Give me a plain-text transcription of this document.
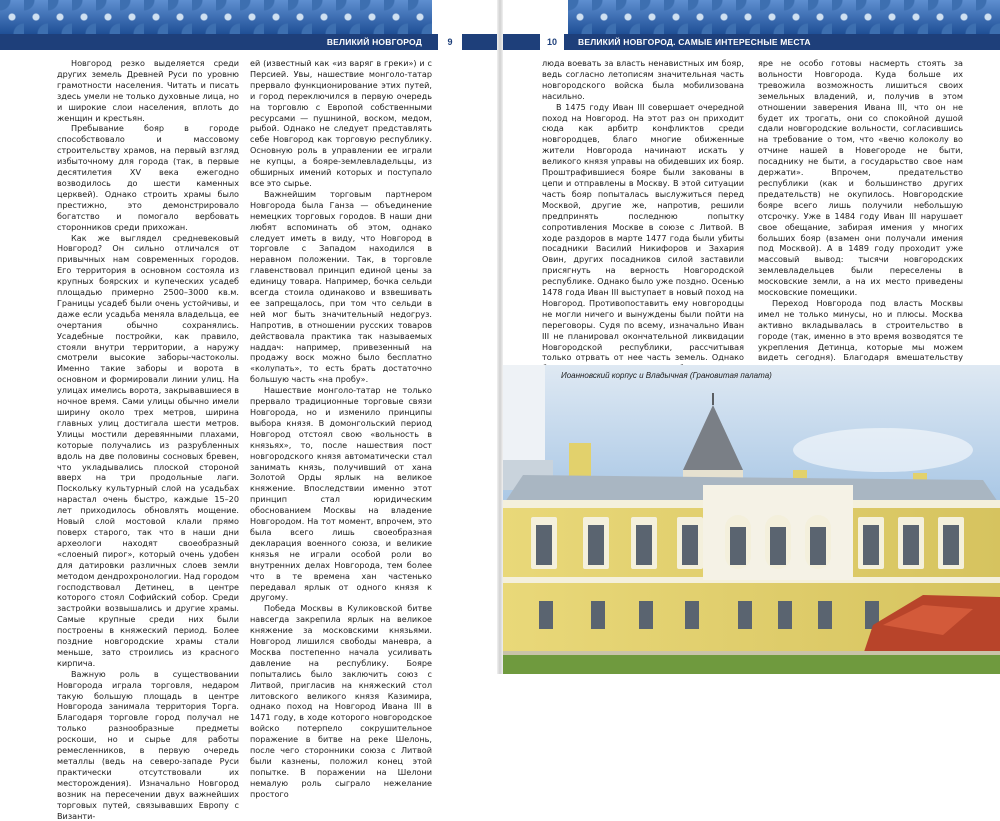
ВЕЛИКИЙ НОВГОРОД	9	10	ВЕЛИКИЙ НОВГОРОД. САМЫЕ ИНТЕРЕСНЫЕ МЕСТА

Новгород резко выделяется среди других земель Древней Руси по уровню грамотности населения. Читать и писать здесь умели не только духовные лица, но и широкие слои населения, вплоть до женщин и крестьян.

Пребывание бояр в городе способствовало и массовому строительству храмов, на первый взгляд избыточному для города (так, в первые десятилетия XV века ежегодно возводилось до шести каменных церквей). Однако строить храмы было престижно, это демонстрировало богатство и помогало вербовать сторонников среди прихожан.

Как же выглядел средневековый Новгород? Он сильно отличался от привычных нам современных городов. Его территория в основном состояла из крупных боярских и купеческих усадеб площадью примерно 2500–3000 кв.м. Границы усадеб были очень устойчивы, и даже если усадьба меняла владельца, ее очертания обычно сохранялись. Усадебные постройки, как правило, стояли внутри территории, а наружу смотрели высокие заборы-частоколы. Именно такие заборы и ворота в основном и формировали линии улиц. На улицах имелись ворота, закрывавшиеся в ночное время. Сами улицы обычно имели ширину около трех метров, ширина главных улиц достигала шести метров. Улицы мостили деревянными плахами, которые получались из разрубленных вдоль на две половины сосновых бревен, что укладывались плоской стороной вверх на три продольные лаги. Поскольку культурный слой на усадьбах нарастал очень быстро, каждые 15–20 лет приходилось обновлять мощение. Новый слой мостовой клали прямо поверх старого, так что в наши дни археологи находят своеобразный «слоеный пирог», который очень удобен для датировки различных слоев земли методом дендрохронологии. Над городом господствовал Детинец, в центре которого стоял Софийский собор. Среди застройки возвышались и другие храмы. Самые крупные среди них были построены в княжеский период. Более поздние новгородские храмы стали меньше, зато строились из красного кирпича.

Важную роль в существовании Новгорода играла торговля, недаром такую большую площадь в центре Новгорода занимала территория Торга. Благодаря торговле город получал не только разнообразные предметы роскоши, но и сырье для работы ремесленников, в первую очередь металлы (ведь на северо-западе Руси практически отсутствовали их месторождения). Изначально Новгород возник на пересечении двух важнейших торговых путей, связывавших Европу с Византи-

ей (известный как «из варяг в греки») и с Персией. Увы, нашествие монголо-татар прервало функционирование этих путей, и город переключился в первую очередь на торговлю с Европой собственными ресурсами — пушниной, воском, медом, рыбой. Однако не следует представлять себе Новгород как торговую республику. Основную роль в управлении ее играли не купцы, а бояре-землевладельцы, из обширных имений которых и поступало все это сырье.

Важнейшим торговым партнером Новгорода была Ганза — объединение немецких торговых городов. В наши дни любят вспоминать об этом, однако следует иметь в виду, что Новгород в торговле с Западом находился в неравном положении. Так, в торговле главенствовал принцип единой цены за единицу товара. Например, бочка сельди всегда стоила одинаково и взвешивать ее запрещалось, при том что сельди в ней мог быть значительный недогруз. Напротив, в отношении русских товаров действовала практика так называемых наддач: например, привезенный на продажу воск можно было бесплатно «колупать», то есть брать достаточно большую часть «на пробу».

Нашествие монголо-татар не только прервало традиционные торговые связи Новгорода, но и изменило принципы выбора князя. В домонгольский период Новгород отстоял свою «вольность в князьях», то, после нашествия пост новгородского князя автоматически стал занимать князь, получивший от хана Золотой Орды ярлык на великое княжение. Впоследствии именно этот принцип стал юридическим обоснованием Москвы на владение Новгородом. На тот момент, впрочем, это была всего лишь своеобразная декларация военного союза, и великие князья не играли особой роли во внутренних делах Новгорода, тем более что в те времена хан частенько передавал ярлык от одного князя к другому.

Победа Москвы в Куликовской битве навсегда закрепила ярлык на великое княжение за московскими князьями. Новгород лишился свободы маневра, а Москва постепенно начала усиливать давление на республику. Бояре попытались было заключить союз с Литвой, пригласив на княжеский стол литовского великого князя Казимира, однако поход на Новгород Ивана III в 1471 году, в ходе которого новгородское войско потерпело сокрушительное поражение в битве на реке Шелонь, после чего сторонники союза с Литвой были казнены, положил конец этой попытке. В поражении на Шелони немалую роль сыграло нежелание простого

люда воевать за власть ненавистных им бояр, ведь согласно летописям значительная часть новгородского войска была мобилизована насильно.

В 1475 году Иван III совершает очередной поход на Новгород. На этот раз он приходит сюда как арбитр конфликтов среди новгородцев, благо многие обиженные жители Новгорода начинают искать у великого князя управы на обидевших их бояр. Проштрафившиеся бояре были закованы в цепи и отправлены в Москву. В этой ситуации часть бояр попыталась выслужиться перед Москвой, другие же, напротив, решили предпринять последнюю попытку сопротивления Москве в союзе с Литвой. В ходе раздоров в марте 1477 года были убиты посадники Василий Никифоров и Захария Овин, других посадников силой заставили присягнуть на верность Новгородской республике. Однако было уже поздно. Осенью 1478 года Иван III выступает в новый поход на Новгород. Противопоставить ему новгородцы не могли ничего и вынуждены были пойти на переговоры. Судя по всему, изначально Иван III не планировал окончательной ликвидации Новгородской республики, рассчитывая только отрвать от нее часть земель. Однако

яре не особо готовы насмерть стоять за вольности Новгорода. Куда больше их тревожила возможность лишиться своих земельных владений, и, получив в этом отношении заверения Ивана III, что он не будет их трогать, они со спокойной душой сдали новгородские вольности, согласившись на требование о том, что «вечю колоколу во отчине нашей в Новегороде не быти, посаднику не быти, а государьство свое нам держати». Впрочем, предательство республики (как и большинство других предательств) не окупилось. Новгородские бояре всего лишь получили небольшую отсрочку. Уже в 1484 году Иван III нарушает свое обещание, забирая имения у многих больших бояр (взамен они получали имения под Москвой). А в 1489 году проходит уже массовый вывод: тысячи новгородских землевладельцев были переселены в московские земли, а на их место приведены московские помещики.

Переход Новгорода под власть Москвы имел не только минусы, но и плюсы. Москва активно вкладывалась в строительство в городе (так, именно в это время возводятся те укрепления Детинца, которые мы можем видеть сегодня). Благодаря вмешательству

Иоанновский корпус и Владычная (Грановитая палата)
